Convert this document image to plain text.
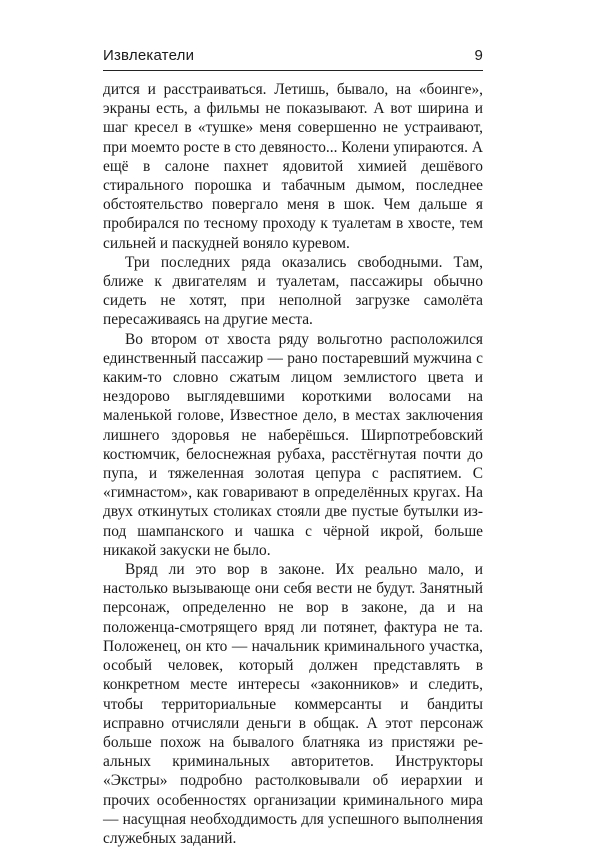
Извлекатели	9

дится и расстраиваться. Летишь, бывало, на «боинге», экраны есть, а фильмы не показывают. А вот ширина и шаг кресел в «тушке» меня совершенно не устраивают, при моемто росте в сто девяносто... Колени упираются. А ещё в салоне пахнет ядовитой химией дешёвого стирального порошка и табачным дымом, последнее обстоятельство повергало меня в шок. Чем дальше я пробирался по тесному проходу к туалетам в хвосте, тем сильней и паскудней воняло куревом.

Три последних ряда оказались свободными. Там, ближе к двигателям и туалетам, пассажиры обычно сидеть не хотят, при неполной загрузке самолёта пересаживаясь на другие места.

Во втором от хвоста ряду вольготно расположился единственный пассажир — рано постаревший мужчина с каким-то словно сжатым лицом землистого цвета и нездорово выглядевшими короткими волосами на маленькой голове, Известное дело, в местах заключения лишнего здоровья не наберёшься. Ширпотребовский костюмчик, белоснежная рубаха, расстёгнутая почти до пупа, и тяжеленная золотая цепура с распятием. С «гимнастом», как говаривают в определённых кругах. На двух откинутых столиках стояли две пустые бутылки из-под шампанского и чашка с чёрной икрой, больше никакой закуски не было.

Вряд ли это вор в законе. Их реально мало, и настолько вызывающе они себя вести не будут. Занятный персонаж, определенно не вор в законе, да и на положенца-смотрящего вряд ли потянет, фактура не та. Положенец, он кто — начальник криминального участка, особый человек, который должен представлять в конкретном месте интересы «законников» и следить, чтобы территориальные коммерсанты и бандиты исправно отчисляли деньги в общак. А этот персонаж больше похож на бывалого блатняка из пристяжи реальных криминальных авторитетов. Инструкторы «Экстры» подробно растолковывали об иерархии и прочих особенностях организации криминального мира — насущная необходдимость для успешного выполнения служебных заданий.
